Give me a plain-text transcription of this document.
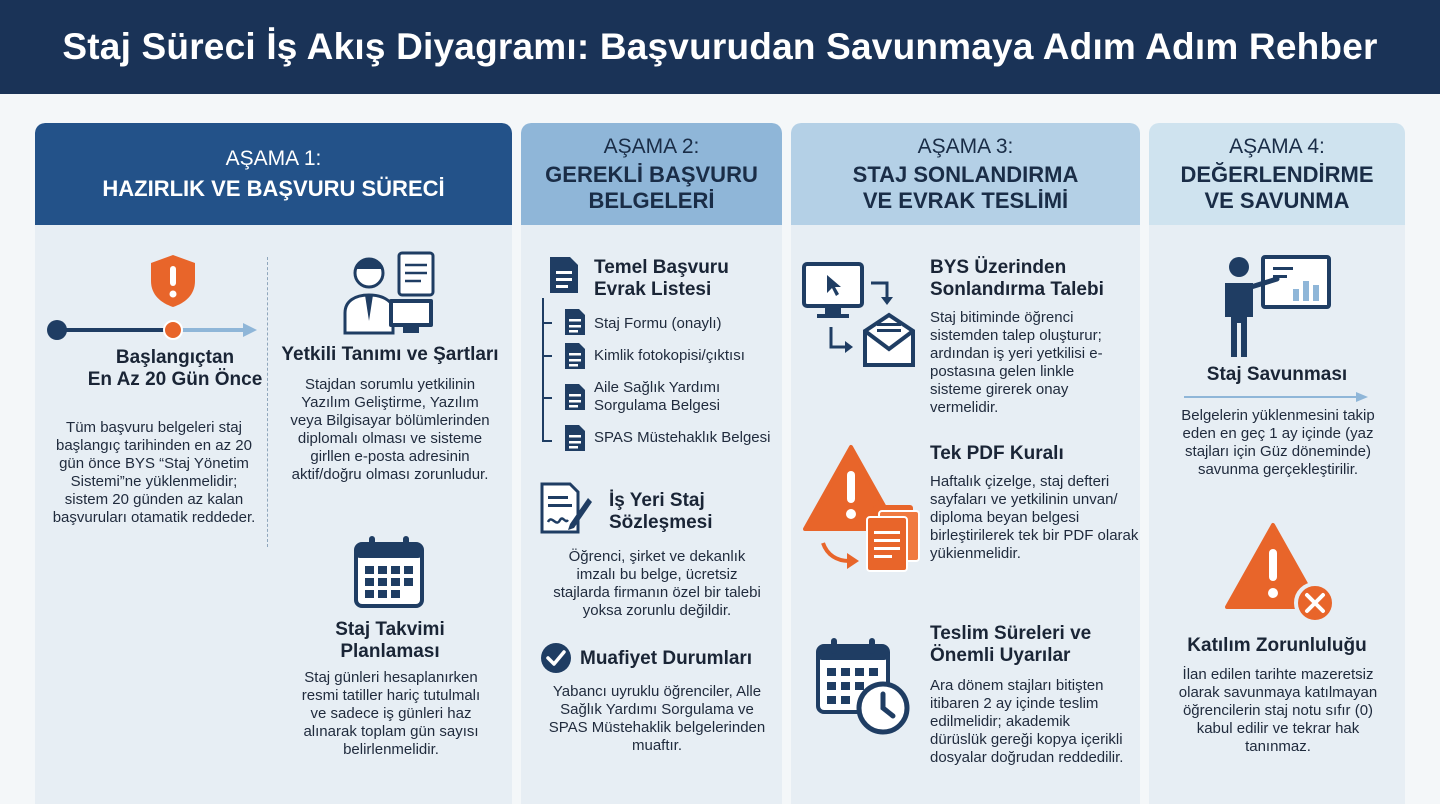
Staj Süreci İş Akış Diyagramı: Başvurudan Savunmaya Adım Adım Rehber
AŞAMA 1:
HAZIRLIK VE BAŞVURU SÜRECİ
Başlangıçtan
En Az 20 Gün Önce
Tüm başvuru belgeleri staj başlangıç tarihinden en az 20 gün önce BYS “Staj Yönetim Sistemi”ne yüklenmelidir; sistem 20 günden az kalan başvuruları otamatik reddeder.
Yetkili Tanımı ve Şartları
Stajdan sorumlu yetkilinin Yazılım Geliştirme, Yazılım veya Bilgisayar bölümlerinden diplomalı olması ve sisteme girllen e-posta adresinin aktif/doğru olması zorunludur.
Staj Takvimi
Planlaması
Staj günleri hesaplanırken resmi tatiller hariç tutulmalı ve sadece iş günleri haz alınarak toplam gün sayısı belirlenmelidir.
AŞAMA 2:
GEREKLİ BAŞVURU
BELGELERİ
Temel Başvuru
Evrak Listesi
Staj Formu (onaylı)
Kimlik fotokopisi/çıktısı
Aile Sağlık Yardımı
Sorgulama Belgesi
SPAS Müstehaklık Belgesi
İş Yeri Staj
Sözleşmesi
Öğrenci, şirket ve dekanlık imzalı bu belge, ücretsiz stajlarda firmanın özel bir talebi yoksa zorunlu değildir.
Muafiyet Durumları
Yabancı uyruklu öğrenciler, Alle Sağlık Yardımı Sorgulama ve SPAS Müstehaklik belgelerinden muaftır.
AŞAMA 3:
STAJ SONLANDIRMA
VE EVRAK TESLİMİ
BYS Üzerinden
Sonlandırma Talebi
Staj bitiminde öğrenci sistemden talep oluşturur; ardından iş yeri yetkilisi e-postasına gelen linkle sisteme girerek onay vermelidir.
Tek PDF Kuralı
Haftalık çizelge, staj defteri sayfaları ve yetkilinin unvan/ diploma beyan belgesi birleştirilerek tek bir PDF olarak yükienmelidir.
Teslim Süreleri ve
Önemli Uyarılar
Ara dönem stajları bitişten itibaren 2 ay içinde teslim edilmelidir; akademik dürüslük gereği kopya içerikli dosyalar doğrudan reddedilir.
AŞAMA 4:
DEĞERLENDİRME
VE SAVUNMA
Staj Savunması
Belgelerin yüklenmesini takip eden en geç 1 ay içinde (yaz stajları için Güz döneminde) savunma gerçekleştirilir.
Katılım Zorunluluğu
İlan edilen tarihte mazeretsiz olarak savunmaya katılmayan öğrencilerin staj notu sıfır (0) kabul edilir ve tekrar hak tanınmaz.
